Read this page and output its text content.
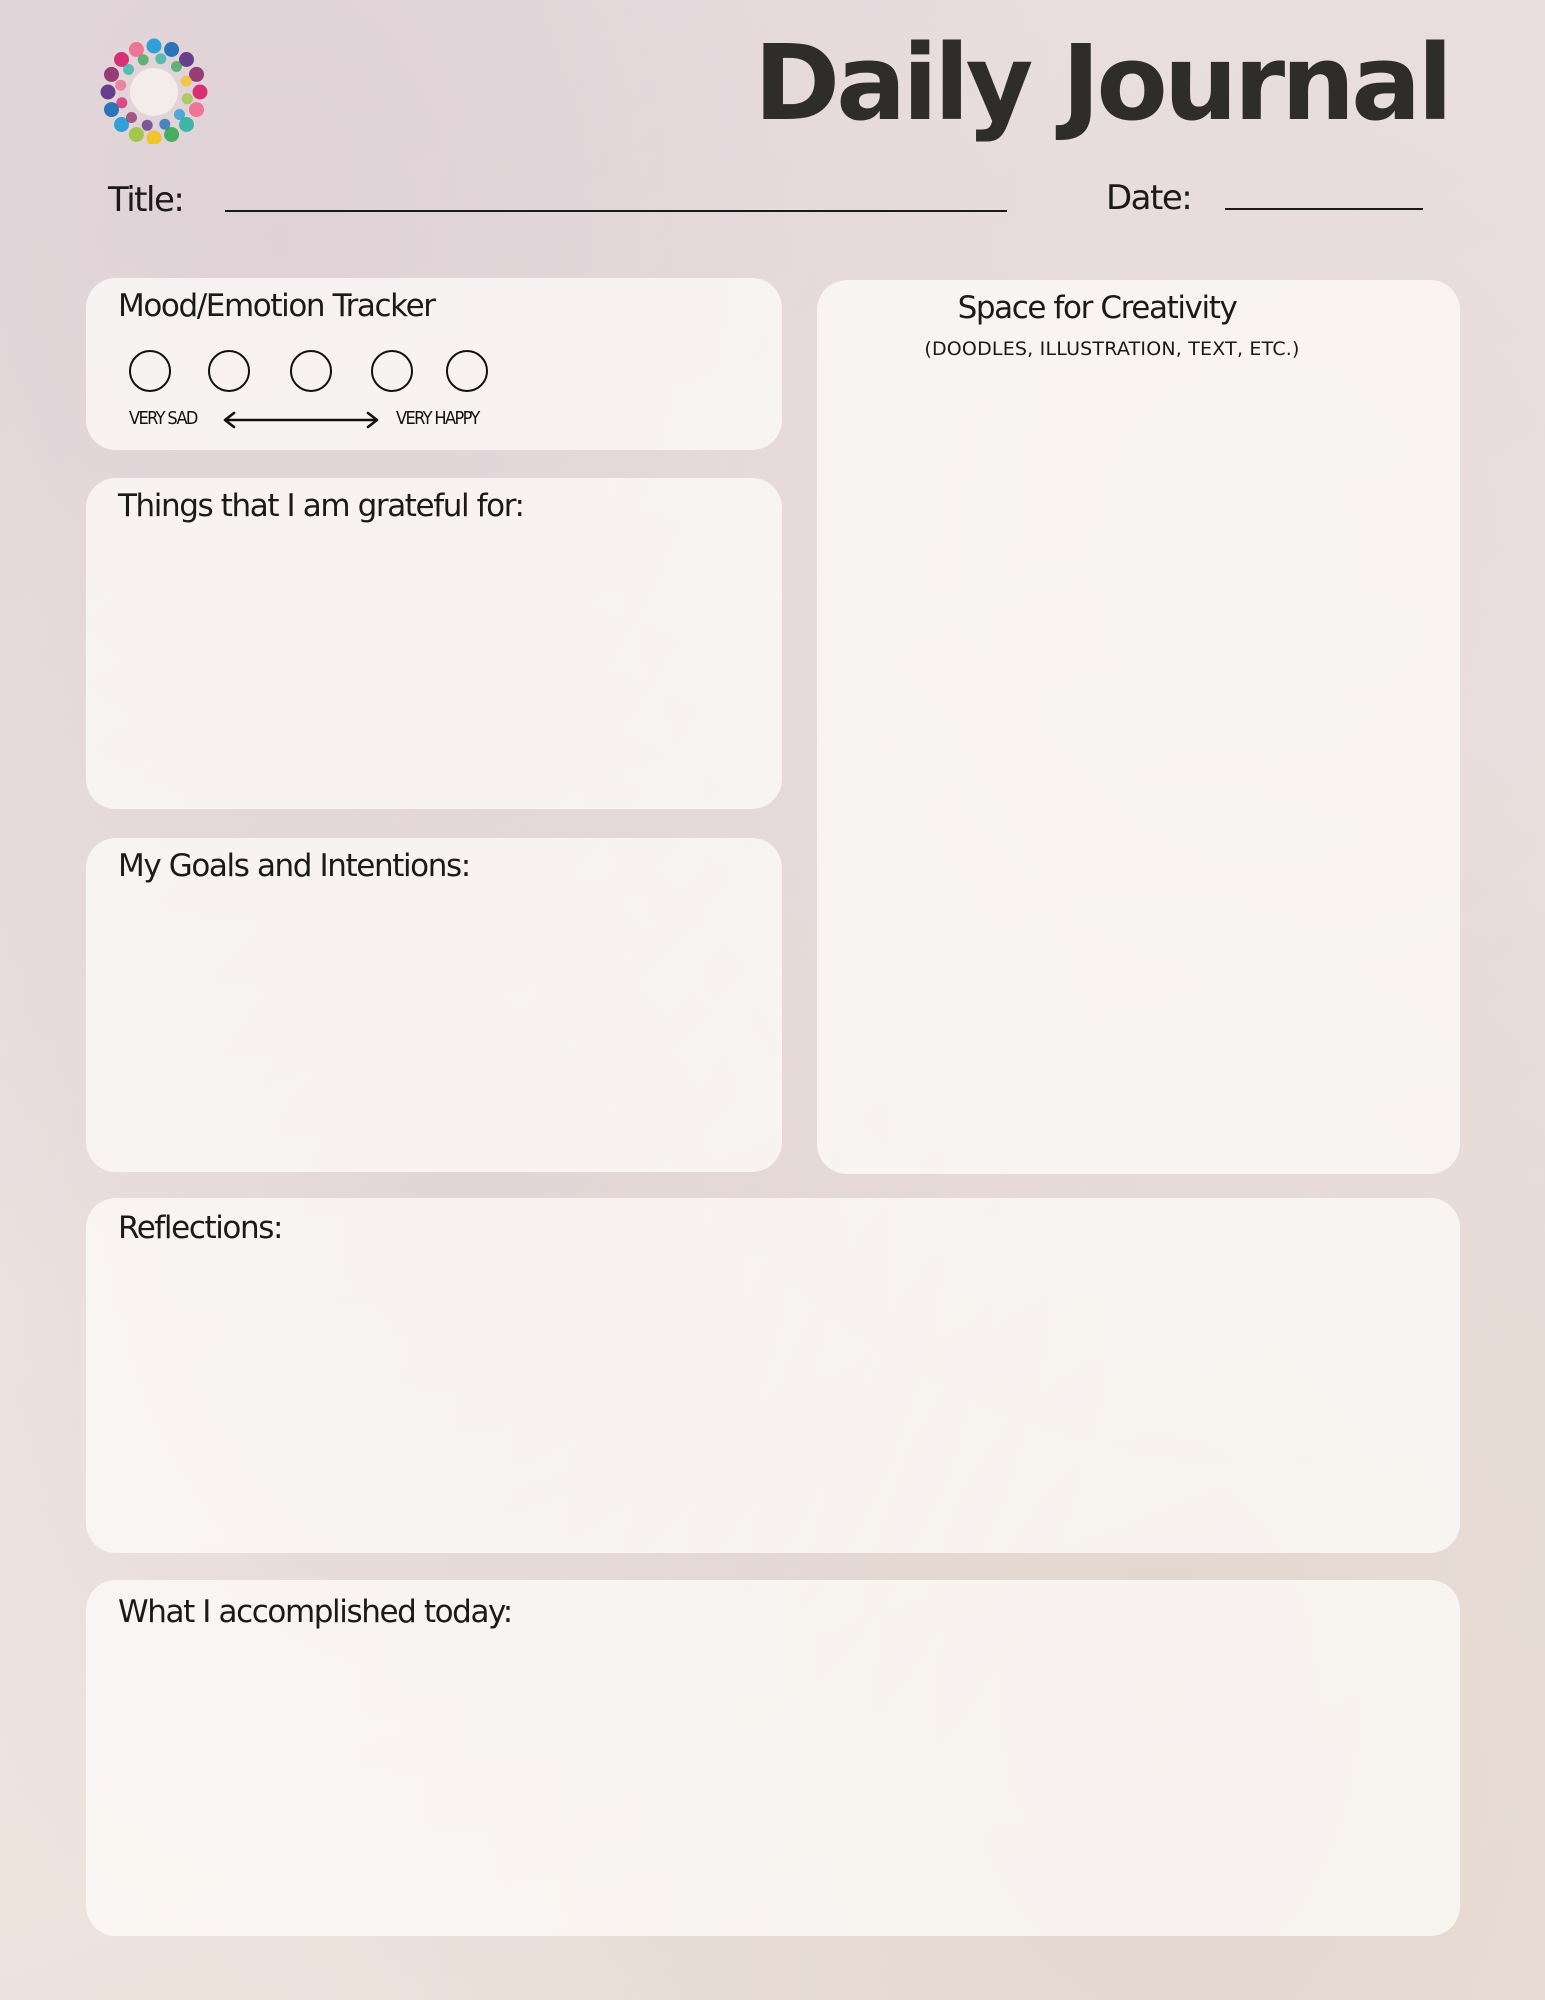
Daily Journal
Title:	Date:
Mood/Emotion Tracker
VERY SAD	VERY HAPPY
Things that I am grateful for:
My Goals and Intentions:
Space for Creativity
(DOODLES, ILLUSTRATION, TEXT, ETC.)
Reflections:
What I accomplished today:
